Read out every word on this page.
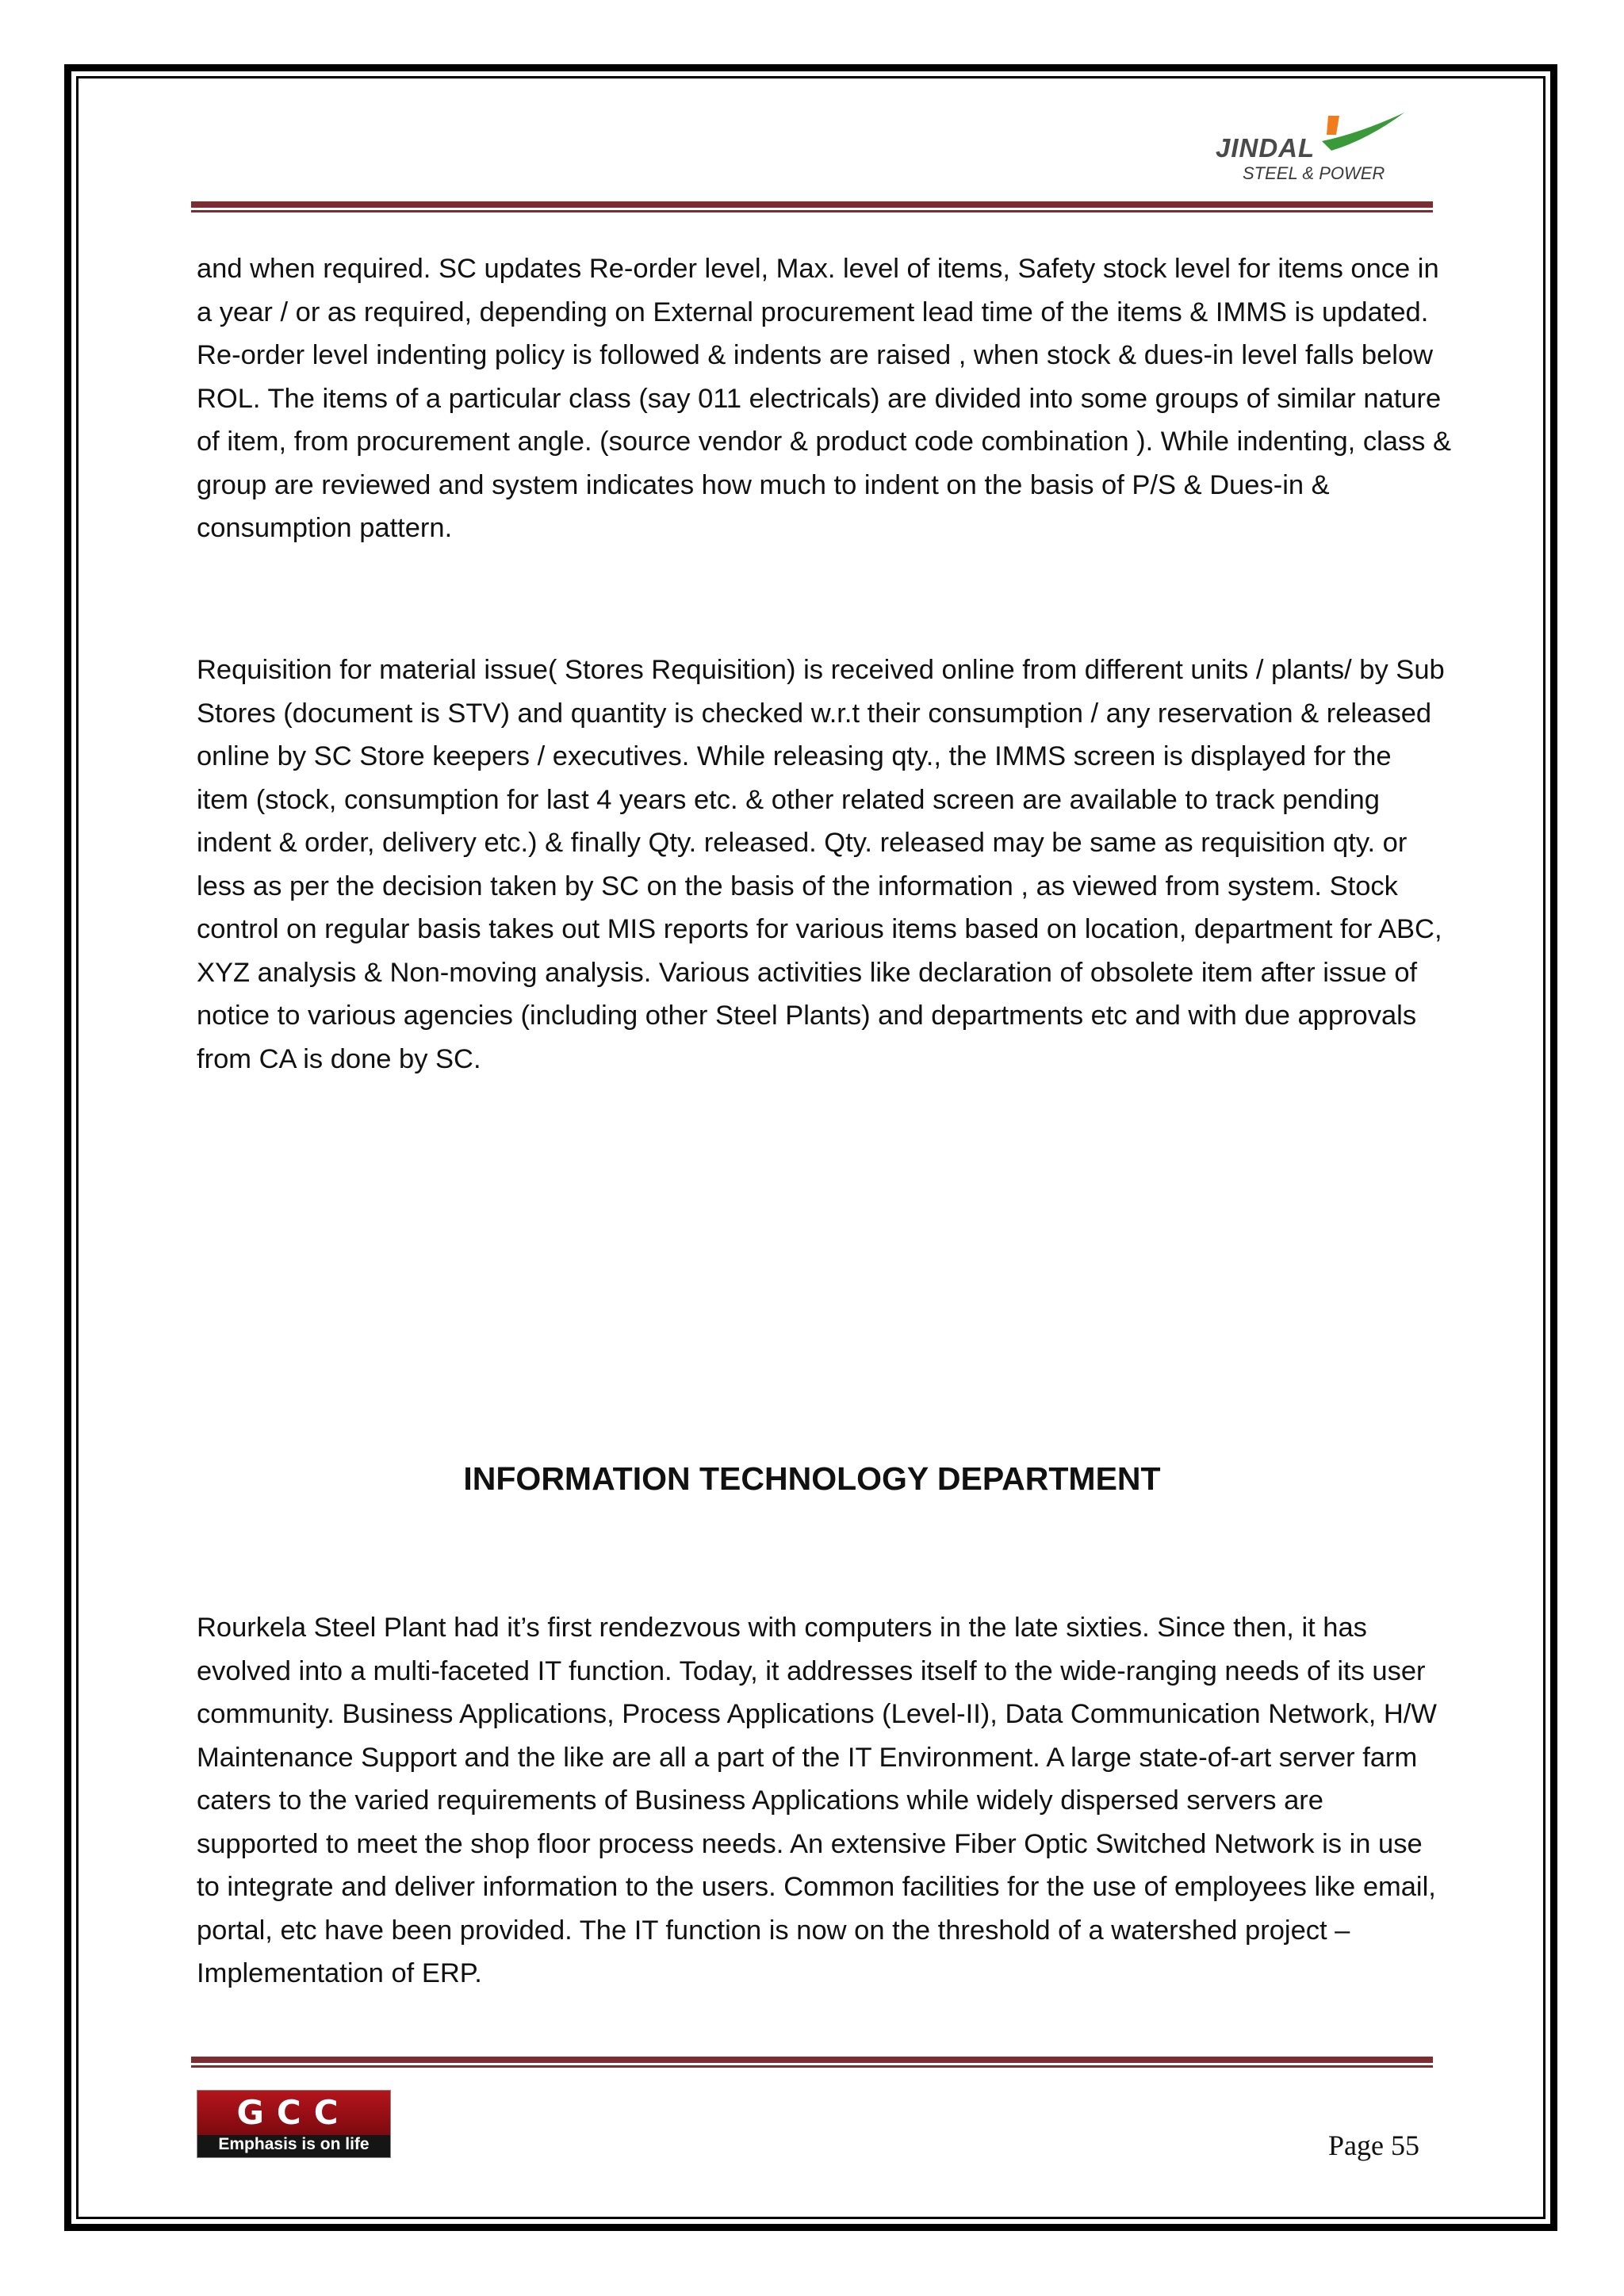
JINDAL
STEEL & POWER
and when required. SC updates Re-order level, Max. level of items, Safety stock level for items once in
a year / or as required, depending on External procurement lead time of the items & IMMS is updated.
Re-order level indenting policy is followed & indents are raised , when stock & dues-in level falls below
ROL. The items of a particular class (say 011 electricals) are divided into some groups of similar nature
of item, from procurement angle. (source vendor & product code combination ). While indenting, class &
group are reviewed and system indicates how much to indent on the basis of P/S & Dues-in &
consumption pattern.
Requisition for material issue( Stores Requisition) is received online from different units / plants/ by Sub
Stores (document is STV) and quantity is checked w.r.t their consumption / any reservation & released
online by SC Store keepers / executives. While releasing qty., the IMMS screen is displayed for the
item (stock, consumption for last 4 years etc. & other related screen are available to track pending
indent & order, delivery etc.) & finally Qty. released. Qty. released may be same as requisition qty. or
less as per the decision taken by SC on the basis of the information , as viewed from system. Stock
control on regular basis takes out MIS reports for various items based on location, department for ABC,
XYZ analysis & Non-moving analysis. Various activities like declaration of obsolete item after issue of
notice to various agencies (including other Steel Plants) and departments etc and with due approvals
from CA is done by SC.
INFORMATION TECHNOLOGY DEPARTMENT
Rourkela Steel Plant had it’s first rendezvous with computers in the late sixties. Since then, it has
evolved into a multi-faceted IT function. Today, it addresses itself to the wide-ranging needs of its user
community. Business Applications, Process Applications (Level-II), Data Communication Network, H/W
Maintenance Support and the like are all a part of the IT Environment. A large state-of-art server farm
caters to the varied requirements of Business Applications while widely dispersed servers are
supported to meet the shop floor process needs. An extensive Fiber Optic Switched Network is in use
to integrate and deliver information to the users. Common facilities for the use of employees like email,
portal, etc have been provided. The IT function is now on the threshold of a watershed project –
Implementation of ERP.
GCC
Emphasis is on life	Page 55
